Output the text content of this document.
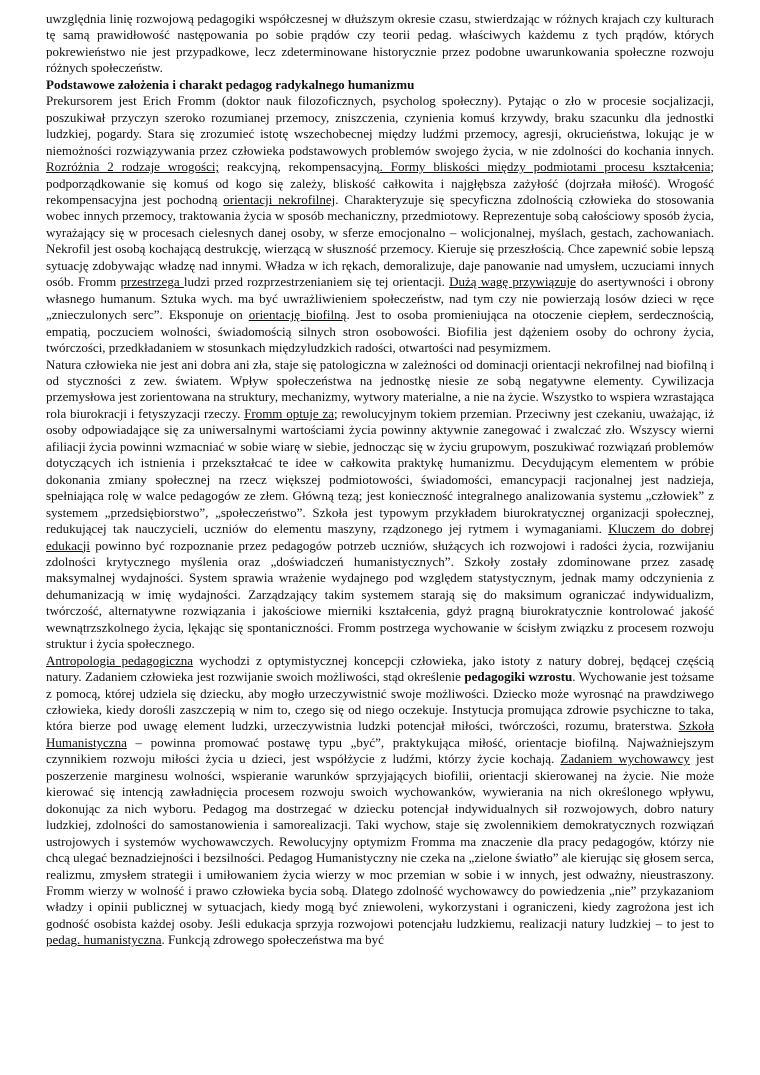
uwzględnia linię rozwojową pedagogiki współczesnej w dłuższym okresie czasu, stwierdzając w różnych krajach czy kulturach tę samą prawidłowość następowania po sobie prądów czy teorii pedag. właściwych każdemu z tych prądów, których pokrewieństwo nie jest przypadkowe, lecz zdeterminowane historycznie przez podobne uwarunkowania społeczne rozwoju różnych społeczeństw.

Podstawowe założenia i charakt pedagog radykalnego humanizmu

Prekursorem jest Erich Fromm (doktor nauk filozoficznych, psycholog społeczny). Pytając o zło w procesie socjalizacji, poszukiwał przyczyn szeroko rozumianej przemocy, zniszczenia, czynienia komuś krzywdy, braku szacunku dla jednostki ludzkiej, pogardy. Stara się zrozumieć istotę wszechobecnej między ludźmi przemocy, agresji, okrucieństwa, lokując je w niemożności rozwiązywania przez człowieka podstawowych problemów swojego życia, w nie zdolności do kochania innych. Rozróżnia 2 rodzaje wrogości; reakcyjną, rekompensacyjną. Formy bliskości między podmiotami procesu kształcenia; podporządkowanie się komuś od kogo się zależy, bliskość całkowita i najgłębsza zażyłość (dojrzała miłość). Wrogość rekompensacyjna jest pochodną orientacji nekrofilnej. Charakteryzuje się specyficzna zdolnością człowieka do stosowania wobec innych przemocy, traktowania życia w sposób mechaniczny, przedmiotowy. Reprezentuje sobą całościowy sposób życia, wyrażający się w procesach cielesnych danej osoby, w sferze emocjonalno – wolicjonalnej, myślach, gestach, zachowaniach. Nekrofil jest osobą kochającą destrukcję, wierzącą w słuszność przemocy. Kieruje się przeszłością. Chce zapewnić sobie lepszą sytuację zdobywając władzę nad innymi. Władza w ich rękach, demoralizuje, daje panowanie nad umysłem, uczuciami innych osób. Fromm przestrzega ludzi przed rozprzestrzenianiem się tej orientacji. Dużą wagę przywiązuje do asertywności i obrony własnego humanum. Sztuka wych. ma być uwrażliwieniem społeczeństw, nad tym czy nie powierzają losów dzieci w ręce „znieczulonych serc”. Eksponuje on orientację biofilną. Jest to osoba promieniująca na otoczenie ciepłem, serdecznością, empatią, poczuciem wolności, świadomością silnych stron osobowości. Biofilia jest dążeniem osoby do ochrony życia, twórczości, przedkładaniem w stosunkach międzyludzkich radości, otwartości nad pesymizmem.

Natura człowieka nie jest ani dobra ani zła, staje się patologiczna w zależności od dominacji orientacji nekrofilnej nad biofilną i od styczności z zew. światem. Wpływ społeczeństwa na jednostkę niesie ze sobą negatywne elementy. Cywilizacja przemysłowa jest zorientowana na struktury, mechanizmy, wytwory materialne, a nie na życie. Wszystko to wspiera wzrastająca rola biurokracji i fetyszyzacji rzeczy. Fromm optuje za; rewolucyjnym tokiem przemian. Przeciwny jest czekaniu, uważając, iż osoby odpowiadające się za uniwersalnymi wartościami życia powinny aktywnie zanegować i zwalczać zło. Wszyscy wierni afiliacji życia powinni wzmacniać w sobie wiarę w siebie, jednocząc się w życiu grupowym, poszukiwać rozwiązań problemów dotyczących ich istnienia i przekształcać te idee w całkowita praktykę humanizmu. Decydującym elementem w próbie dokonania zmiany społecznej na rzecz większej podmiotowości, świadomości, emancypacji racjonalnej jest nadzieja, spełniająca rolę w walce pedagogów ze złem. Główną tezą; jest konieczność integralnego analizowania systemu „człowiek” z systemem „przedsiębiorstwo”, „społeczeństwo”. Szkoła jest typowym przykładem biurokratycznej organizacji społecznej, redukującej tak nauczycieli, uczniów do elementu maszyny, rządzonego jej rytmem i wymaganiami. Kluczem do dobrej edukacji powinno być rozpoznanie przez pedagogów potrzeb uczniów, służących ich rozwojowi i radości życia, rozwijaniu zdolności krytycznego myślenia oraz „doświadczeń humanistycznych”. Szkoły zostały zdominowane przez zasadę maksymalnej wydajności. System sprawia wrażenie wydajnego pod względem statystycznym, jednak mamy odczynienia z dehumanizacją w imię wydajności. Zarządzający takim systemem starają się do maksimum ograniczać indywidualizm, twórczość, alternatywne rozwiązania i jakościowe mierniki kształcenia, gdyż pragną biurokratycznie kontrolować jakość wewnątrzszkolnego życia, lękając się spontaniczności. Fromm postrzega wychowanie w ścisłym związku z procesem rozwoju struktur i życia społecznego.

Antropologia pedagogiczna wychodzi z optymistycznej koncepcji człowieka, jako istoty z natury dobrej, będącej częścią natury. Zadaniem człowieka jest rozwijanie swoich możliwości, stąd określenie pedagogiki wzrostu. Wychowanie jest tożsame z pomocą, której udziela się dziecku, aby mogło urzeczywistnić swoje możliwości. Dziecko może wyrosnąć na prawdziwego człowieka, kiedy dorośli zaszczepią w nim to, czego się od niego oczekuje. Instytucja promująca zdrowie psychiczne to taka, która bierze pod uwagę element ludzki, urzeczywistnia ludzki potencjał miłości, twórczości, rozumu, braterstwa. Szkoła Humanistyczna – powinna promować postawę typu „być”, praktykująca miłość, orientacje biofilną. Najważniejszym czynnikiem rozwoju miłości życia u dzieci, jest współżycie z ludźmi, którzy życie kochają. Zadaniem wychowawcy jest poszerzenie marginesu wolności, wspieranie warunków sprzyjających biofilii, orientacji skierowanej na życie. Nie może kierować się intencją zawładnięcia procesem rozwoju swoich wychowanków, wywierania na nich określonego wpływu, dokonując za nich wyboru. Pedagog ma dostrzegać w dziecku potencjał indywidualnych sił rozwojowych, dobro natury ludzkiej, zdolności do samostanowienia i samorealizacji. Taki wychow, staje się zwolennikiem demokratycznych rozwiązań ustrojowych i systemów wychowawczych. Rewolucyjny optymizm Fromma ma znaczenie dla pracy pedagogów, którzy nie chcą ulegać beznadziejności i bezsilności. Pedagog Humanistyczny nie czeka na „zielone światło” ale kierując się głosem serca, realizmu, zmysłem strategii i umiłowaniem życia wierzy w moc przemian w sobie i w innych, jest odważny, nieustraszony. Fromm wierzy w wolność i prawo człowieka bycia sobą. Dlatego zdolność wychowawcy do powiedzenia „nie” przykazaniom władzy i opinii publicznej w sytuacjach, kiedy mogą być zniewoleni, wykorzystani i ograniczeni, kiedy zagrożona jest ich godność osobista każdej osoby. Jeśli edukacja sprzyja rozwojowi potencjału ludzkiemu, realizacji natury ludzkiej – to jest to pedag. humanistyczna. Funkcją zdrowego społeczeństwa ma być
